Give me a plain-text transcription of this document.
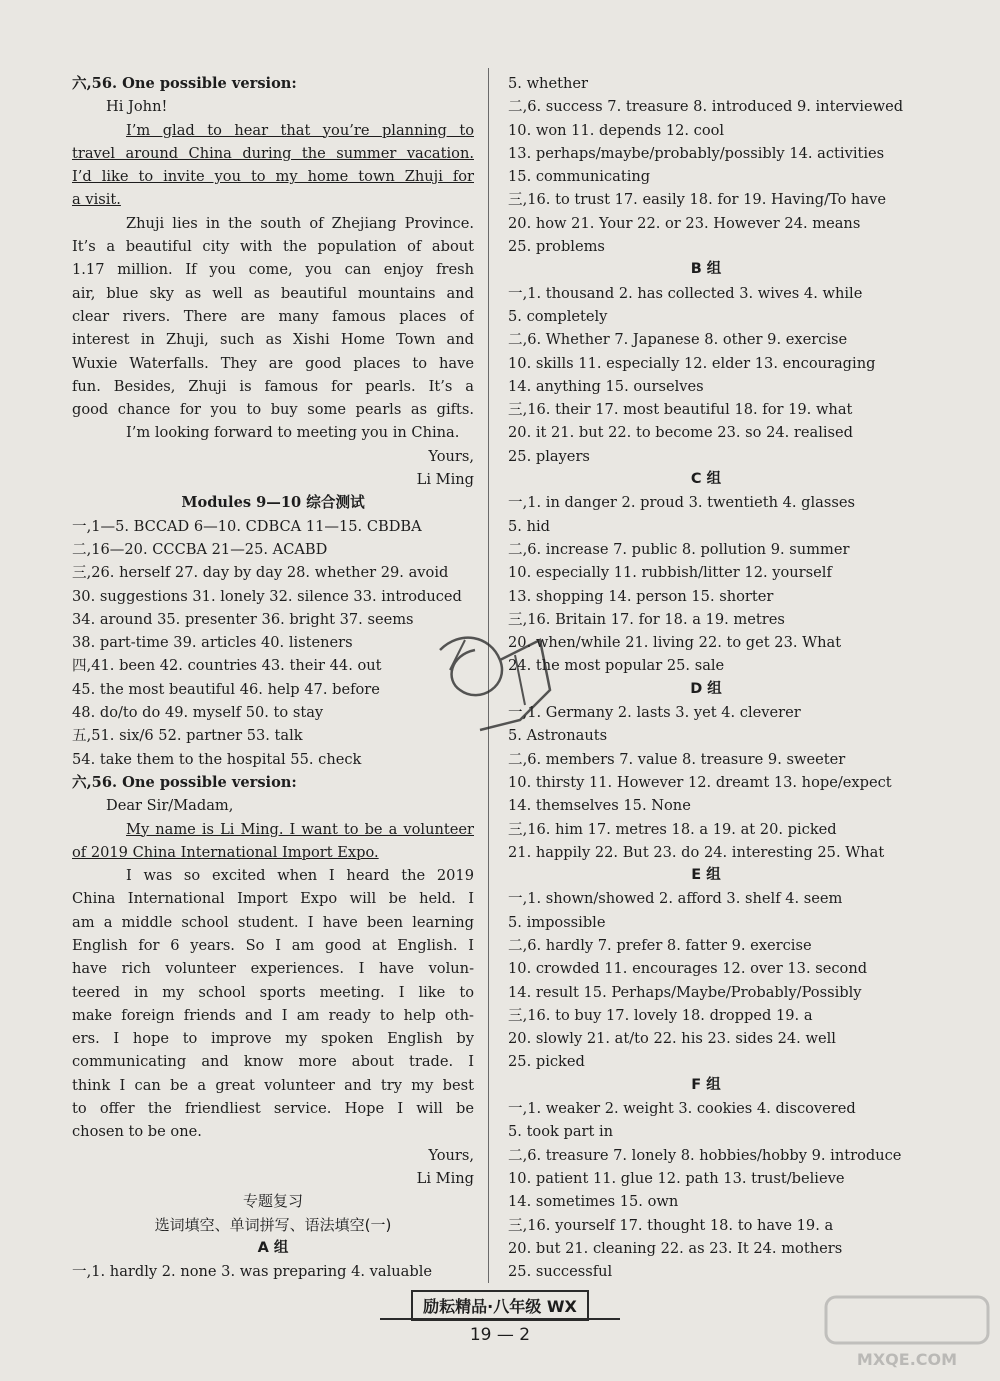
六,56. One possible version:
Hi John!
I’m glad to hear that you’re planning to
travel around China during the summer vacation.
I’d like to invite you to my home town Zhuji for
a visit.
Zhuji lies in the south of Zhejiang Province.
It’s a beautiful city with the population of about
1.17 million. If you come, you can enjoy fresh
air, blue sky as well as beautiful mountains and
clear rivers. There are many famous places of
interest in Zhuji, such as Xishi Home Town and
Wuxie Waterfalls. They are good places to have
fun. Besides, Zhuji is famous for pearls. It’s a
good chance for you to buy some pearls as gifts.
I’m looking forward to meeting you in China.
Yours,
Li Ming
Modules 9—10 综合测试
一,1—5. BCCAD 6—10. CDBCA 11—15. CBDBA
二,16—20. CCCBA 21—25. ACABD
三,26. herself 27. day by day 28. whether 29. avoid
30. suggestions 31. lonely 32. silence 33. introduced
34. around 35. presenter 36. bright 37. seems
38. part-time 39. articles 40. listeners
四,41. been 42. countries 43. their 44. out
45. the most beautiful 46. help 47. before
48. do/to do 49. myself 50. to stay
五,51. six/6 52. partner 53. talk
54. take them to the hospital 55. check
六,56. One possible version:
Dear Sir/Madam,
My name is Li Ming. I want to be a volunteer
of 2019 China International Import Expo.
I was so excited when I heard the 2019
China International Import Expo will be held. I
am a middle school student. I have been learning
English for 6 years. So I am good at English. I
have rich volunteer experiences. I have volun-
teered in my school sports meeting. I like to
make foreign friends and I am ready to help oth-
ers. I hope to improve my spoken English by
communicating and know more about trade. I
think I can be a great volunteer and try my best
to offer the friendliest service. Hope I will be
chosen to be one.
Yours,
Li Ming
专题复习
选词填空、单词拼写、语法填空(一)
A 组
一,1. hardly 2. none 3. was preparing 4. valuable
5. whether
二,6. success 7. treasure 8. introduced 9. interviewed
10. won 11. depends 12. cool
13. perhaps/maybe/probably/possibly 14. activities
15. communicating
三,16. to trust 17. easily 18. for 19. Having/To have
20. how 21. Your 22. or 23. However 24. means
25. problems
B 组
一,1. thousand 2. has collected 3. wives 4. while
5. completely
二,6. Whether 7. Japanese 8. other 9. exercise
10. skills 11. especially 12. elder 13. encouraging
14. anything 15. ourselves
三,16. their 17. most beautiful 18. for 19. what
20. it 21. but 22. to become 23. so 24. realised
25. players
C 组
一,1. in danger 2. proud 3. twentieth 4. glasses
5. hid
二,6. increase 7. public 8. pollution 9. summer
10. especially 11. rubbish/litter 12. yourself
13. shopping 14. person 15. shorter
三,16. Britain 17. for 18. a 19. metres
20. when/while 21. living 22. to get 23. What
24. the most popular 25. sale
D 组
一,1. Germany 2. lasts 3. yet 4. cleverer
5. Astronauts
二,6. members 7. value 8. treasure 9. sweeter
10. thirsty 11. However 12. dreamt 13. hope/expect
14. themselves 15. None
三,16. him 17. metres 18. a 19. at 20. picked
21. happily 22. But 23. do 24. interesting 25. What
E 组
一,1. shown/showed 2. afford 3. shelf 4. seem
5. impossible
二,6. hardly 7. prefer 8. fatter 9. exercise
10. crowded 11. encourages 12. over 13. second
14. result 15. Perhaps/Maybe/Probably/Possibly
三,16. to buy 17. lovely 18. dropped 19. a
20. slowly 21. at/to 22. his 23. sides 24. well
25. picked
F 组
一,1. weaker 2. weight 3. cookies 4. discovered
5. took part in
二,6. treasure 7. lonely 8. hobbies/hobby 9. introduce
10. patient 11. glue 12. path 13. trust/believe
14. sometimes 15. own
三,16. yourself 17. thought 18. to have 19. a
20. but 21. cleaning 22. as 23. It 24. mothers
25. successful
励耘精品·八年级 WX
19 — 2
MXQE.COM
